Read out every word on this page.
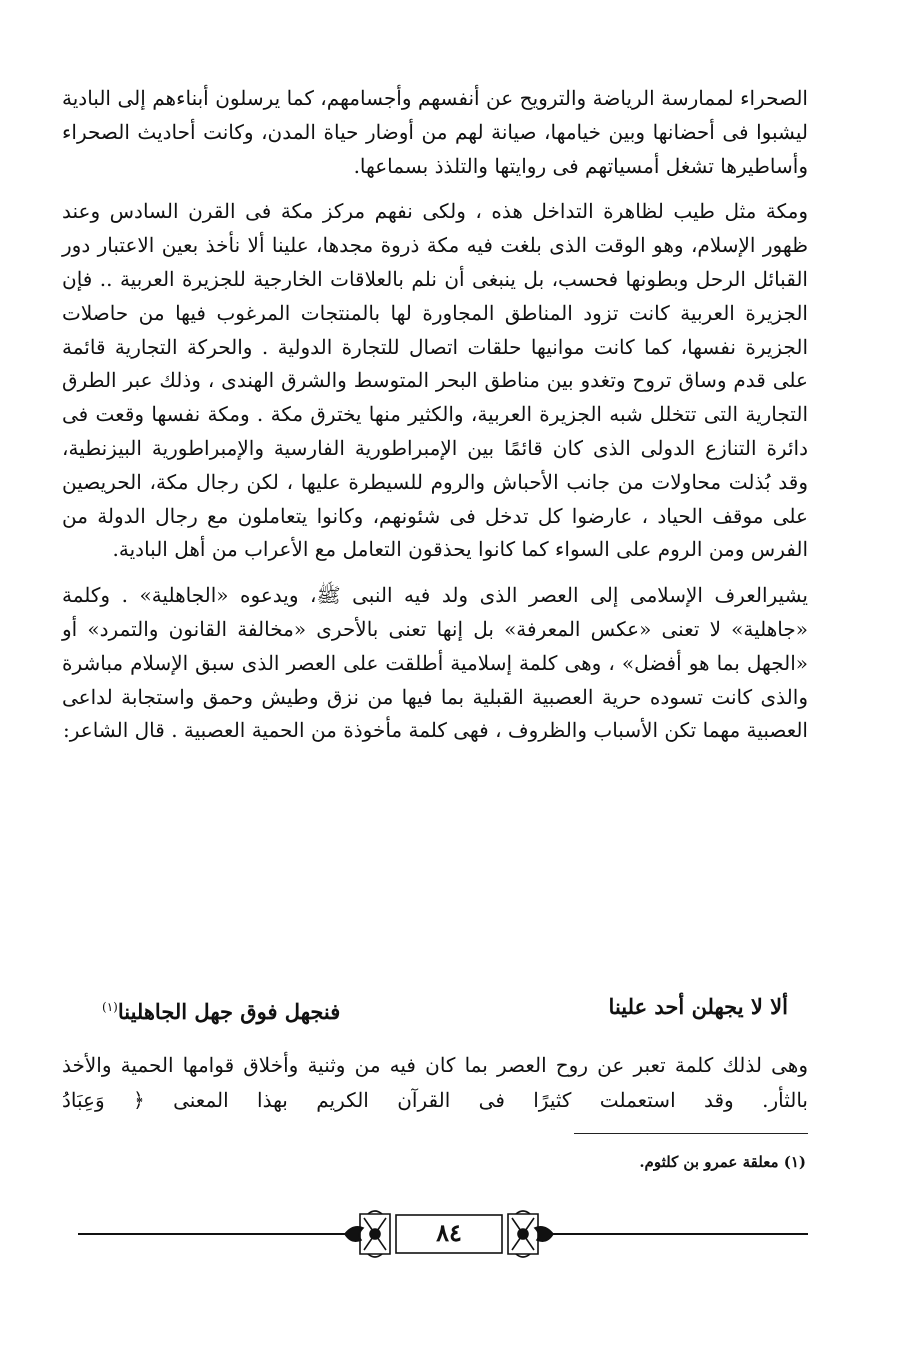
الصحراء لممارسة الرياضة والترويح عن أنفسهم وأجسامهم، كما يرسلون أبناءهم إلى البادية ليشبوا فى أحضانها وبين خيامها، صيانة لهم من أوضار حياة المدن، وكانت أحاديث الصحراء وأساطيرها تشغل أمسياتهم فى روايتها والتلذذ بسماعها.

ومكة مثل طيب لظاهرة التداخل هذه ، ولكى نفهم مركز مكة فى القرن السادس وعند ظهور الإسلام، وهو الوقت الذى بلغت فيه مكة ذروة مجدها، علينا ألا نأخذ بعين الاعتبار دور القبائل الرحل وبطونها فحسب، بل ينبغى أن نلم بالعلاقات الخارجية للجزيرة العربية .. فإن الجزيرة العربية كانت تزود المناطق المجاورة لها بالمنتجات المرغوب فيها من حاصلات الجزيرة نفسها، كما كانت موانيها حلقات اتصال للتجارة الدولية . والحركة التجارية قائمة على قدم وساق تروح وتغدو بين مناطق البحر المتوسط والشرق الهندى ، وذلك عبر الطرق التجارية التى تتخلل شبه الجزيرة العربية، والكثير منها يخترق مكة . ومكة نفسها وقعت فى دائرة التنازع الدولى الذى كان قائمًا بين الإمبراطورية الفارسية والإمبراطورية البيزنطية، وقد بُذلت محاولات من جانب الأحباش والروم للسيطرة عليها ، لكن رجال مكة، الحريصين على موقف الحياد ، عارضوا كل تدخل فى شئونهم، وكانوا يتعاملون مع رجال الدولة من الفرس ومن الروم على السواء كما كانوا يحذقون التعامل مع الأعراب من أهل البادية.

يشيرالعرف الإسلامى إلى العصر الذى ولد فيه النبى ﷺ، ويدعوه «الجاهلية» . وكلمة «جاهلية» لا تعنى «عكس المعرفة» بل إنها تعنى بالأحرى «مخالفة القانون والتمرد» أو «الجهل بما هو أفضل» ، وهى كلمة إسلامية أطلقت على العصر الذى سبق الإسلام مباشرة والذى كانت تسوده حرية العصبية القبلية بما فيها من نزق وطيش وحمق واستجابة لداعى العصبية مهما تكن الأسباب والظروف ، فهى كلمة مأخوذة من الحمية العصبية . قال الشاعر:

ألا لا يجهلن أحد علينا
فنجهل فوق جهل الجاهلينا$^{(١)}$

وهى لذلك كلمة تعبر عن روح العصر بما كان فيه من وثنية وأخلاق قوامها الحمية والأخذ بالثأر. وقد استعملت كثيرًا فى القرآن الكريم بهذا المعنى ﴿ وَعِبَادُ

(١) معلقة عمرو بن كلثوم.
٨٤
